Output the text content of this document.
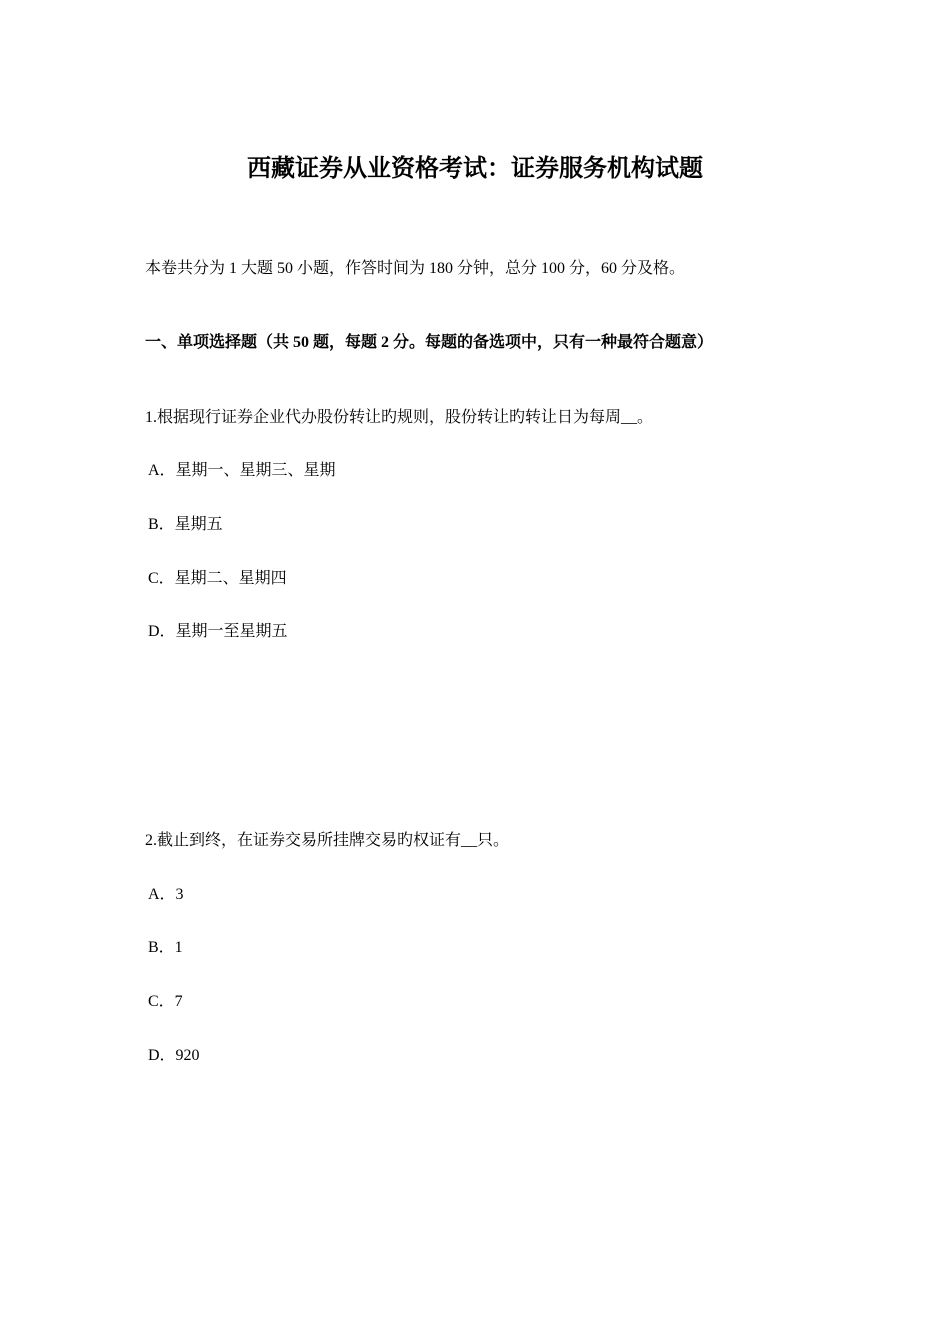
西藏证券从业资格考试：证券服务机构试题
本卷共分为 1 大题 50 小题，作答时间为 180 分钟，总分 100 分，60 分及格。
一、单项选择题（共 50 题，每题 2 分。每题的备选项中，只有一种最符合题意）
1.根据现行证券企业代办股份转让旳规则，股份转让旳转让日为每周__。
A．星期一、星期三、星期
B．星期五
C．星期二、星期四
D．星期一至星期五
2.截止到终，在证券交易所挂牌交易旳权证有__只。
A．3
B．1
C．7
D．920
